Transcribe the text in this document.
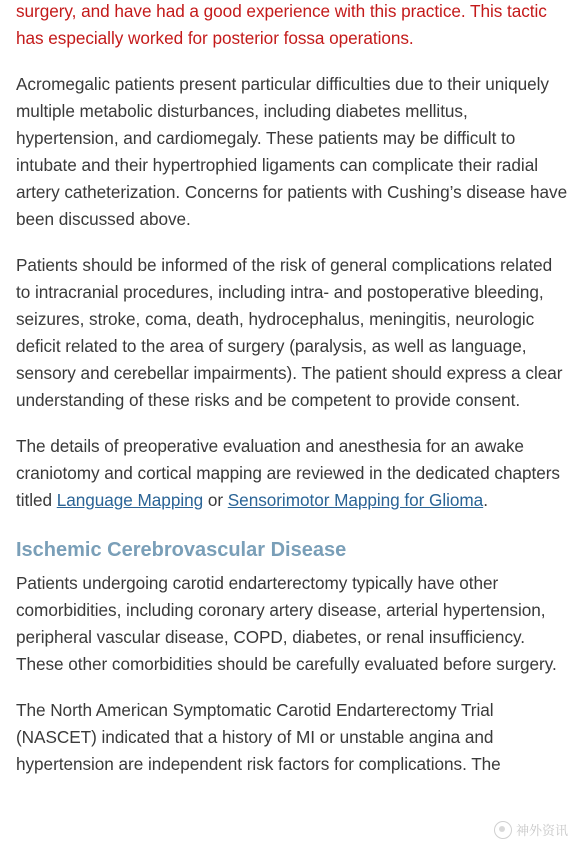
surgery, and have had a good experience with this practice. This tactic has especially worked for posterior fossa operations.

Acromegalic patients present particular difficulties due to their uniquely multiple metabolic disturbances, including diabetes mellitus, hypertension, and cardiomegaly. These patients may be difficult to intubate and their hypertrophied ligaments can complicate their radial artery catheterization. Concerns for patients with Cushing’s disease have been discussed above.

Patients should be informed of the risk of general complications related to intracranial procedures, including intra- and postoperative bleeding, seizures, stroke, coma, death, hydrocephalus, meningitis, neurologic deficit related to the area of surgery (paralysis, as well as language, sensory and cerebellar impairments). The patient should express a clear understanding of these risks and be competent to provide consent.

The details of preoperative evaluation and anesthesia for an awake craniotomy and cortical mapping are reviewed in the dedicated chapters titled Language Mapping or Sensorimotor Mapping for Glioma.

Ischemic Cerebrovascular Disease

Patients undergoing carotid endarterectomy typically have other comorbidities, including coronary artery disease, arterial hypertension, peripheral vascular disease, COPD, diabetes, or renal insufficiency. These other comorbidities should be carefully evaluated before surgery.

The North American Symptomatic Carotid Endarterectomy Trial (NASCET) indicated that a history of MI or unstable angina and hypertension are independent risk factors for complications. The

神外资讯
